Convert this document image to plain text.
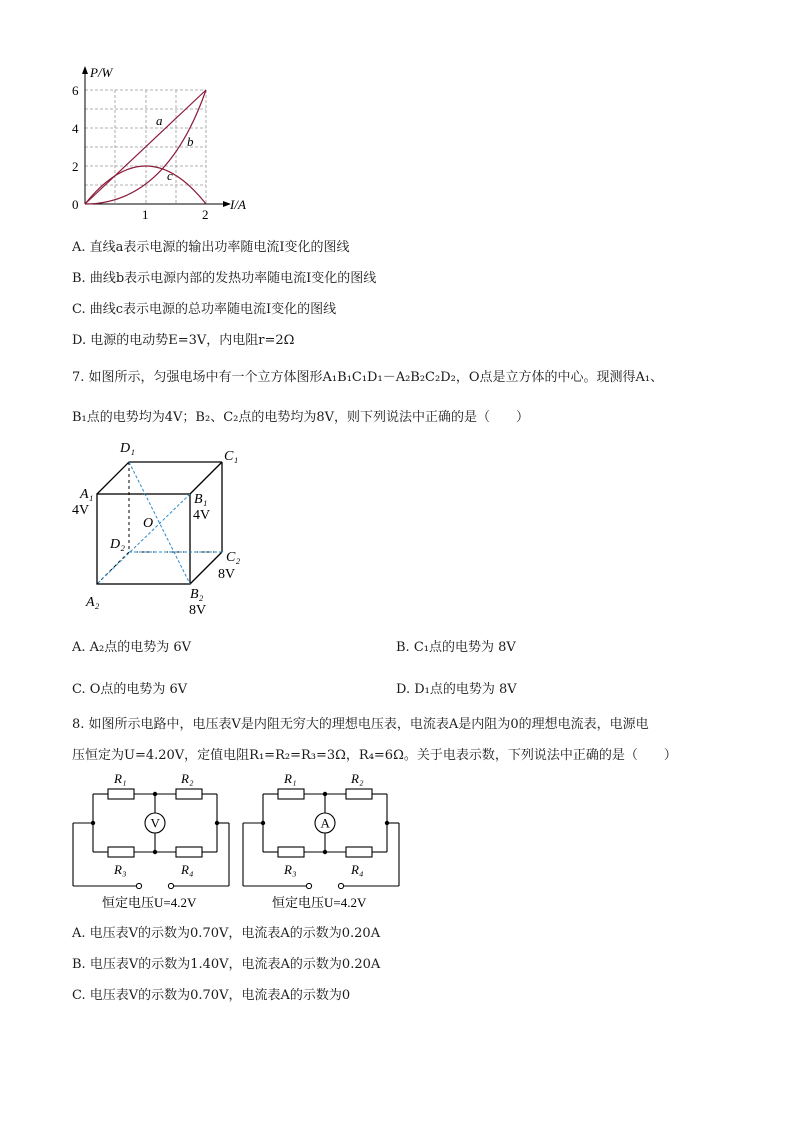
P/W
I/A
6
4
2
0
1	2
a
b
c
A. 直线a表示电源的输出功率随电流I变化的图线
B. 曲线b表示电源内部的发热功率随电流I变化的图线
C. 曲线c表示电源的总功率随电流I变化的图线
D. 电源的电动势E=3V，内电阻r=2Ω
7. 如图所示，匀强电场中有一个立方体图形A₁B₁C₁D₁－A₂B₂C₂D₂，O点是立方体的中心。现测得A₁、
B₁点的电势均为4V；B₂、C₂点的电势均为8V，则下列说法中正确的是（　　）
D₁
C₁
A₁
4V
B₁
4V
O
D₂
C₂
8V
A₂
B₂
8V
A. A₂点的电势为 6V	B. C₁点的电势为 8V
C. O点的电势为 6V	D. D₁点的电势为 8V
8. 如图所示电路中，电压表V是内阻无穷大的理想电压表，电流表A是内阻为0的理想电流表，电源电
压恒定为U=4.20V，定值电阻R₁=R₂=R₃=3Ω，R₄=6Ω。关于电表示数，下列说法中正确的是（　　）
V
R₁	R₂
R₃	R₄
恒定电压U=4.2V
A
R₁	R₂
R₃	R₄
恒定电压U=4.2V
A. 电压表V的示数为0.70V，电流表A的示数为0.20A
B. 电压表V的示数为1.40V，电流表A的示数为0.20A
C. 电压表V的示数为0.70V，电流表A的示数为0
